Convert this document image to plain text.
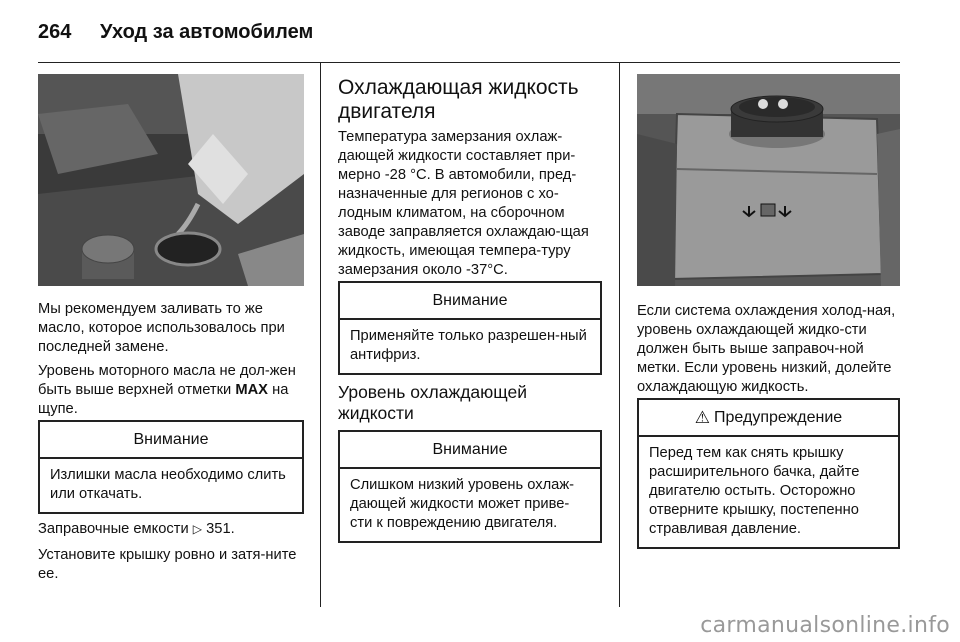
264	Уход за автомобилем
Мы рекомендуем заливать то же масло, которое использовалось при последней замене.
Уровень моторного масла не дол-жен быть выше верхней отметки MAX на щупе.
Внимание
Излишки масла необходимо слить или откачать.
Заправочные емкости ▷ 351.
Установите крышку ровно и затя-ните ее.
Охлаждающая жидкость двигателя
Температура замерзания охлаж-дающей жидкости составляет при-мерно -28 °C. В автомобили, пред-назначенные для регионов с хо-лодным климатом, на сборочном заводе заправляется охлаждаю-щая жидкость, имеющая темпера-туру замерзания около -37°C.
Внимание
Применяйте только разрешен-ный антифриз.
Уровень охлаждающей жидкости
Внимание
Слишком низкий уровень охлаж-дающей жидкости может приве-сти к повреждению двигателя.
Если система охлаждения холод-ная, уровень охлаждающей жидко-сти должен быть выше заправоч-ной метки. Если уровень низкий, долейте охлаждающую жидкость.
⚠ Предупреждение
Перед тем как снять крышку расширительного бачка, дайте двигателю остыть. Осторожно отверните крышку, постепенно стравливая давление.
carmanualsonline.info
